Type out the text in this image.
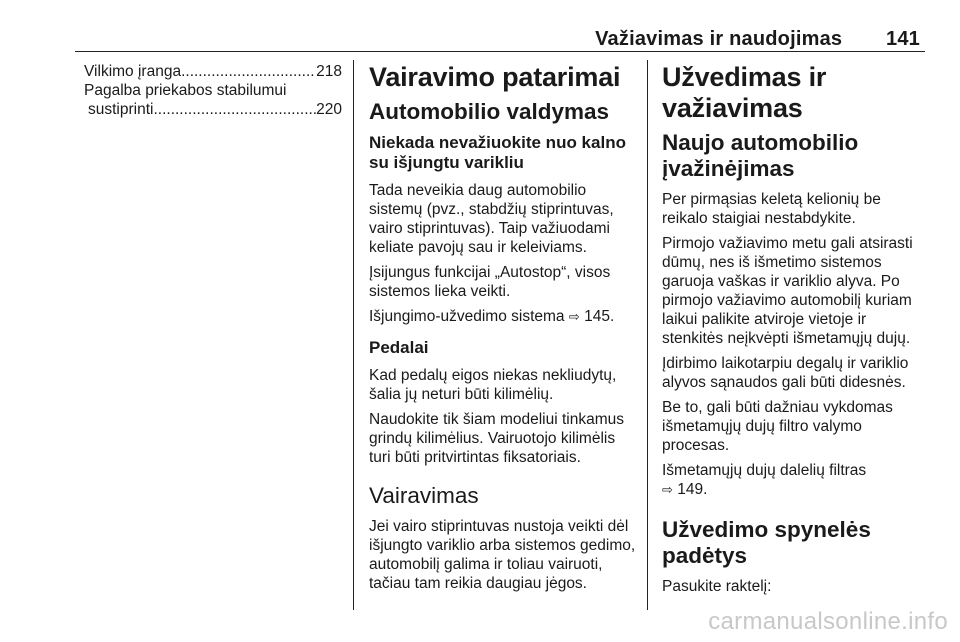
Važiavimas ir naudojimas 141
Vilkimo įranga .....	218
Pagalba priekabos stabilumui
sustiprinti .....	220
Vairavimo patarimai
Automobilio valdymas
Niekada nevažiuokite nuo kalno su išjungtu varikliu

Tada neveikia daug automobilio sistemų (pvz., stabdžių stiprintuvas, vairo stiprintuvas). Taip važiuodami keliate pavojų sau ir keleiviams.

Įsijungus funkcijai „Autostop“, visos sistemos lieka veikti.

Išjungimo-užvedimo sistema ⇨ 145.

Pedalai

Kad pedalų eigos niekas nekliudytų, šalia jų neturi būti kilimėlių.

Naudokite tik šiam modeliui tinkamus grindų kilimėlius. Vairuotojo kilimėlis turi būti pritvirtintas fiksatoriais.

Vairavimas

Jei vairo stiprintuvas nustoja veikti dėl išjungto variklio arba sistemos gedimo, automobilį galima ir toliau vairuoti, tačiau tam reikia daugiau jėgos.

Užvedimas ir važiavimas
Naujo automobilio įvažinėjimas

Per pirmąsias keletą kelionių be reikalo staigiai nestabdykite.

Pirmojo važiavimo metu gali atsirasti dūmų, nes iš išmetimo sistemos garuoja vaškas ir variklio alyva. Po pirmojo važiavimo automobilį kuriam laikui palikite atviroje vietoje ir stenkitės neįkvėpti išmetamųjų dujų.

Įdirbimo laikotarpiu degalų ir variklio alyvos sąnaudos gali būti didesnės.

Be to, gali būti dažniau vykdomas išmetamųjų dujų filtro valymo procesas.

Išmetamųjų dujų dalelių filtras
⇨ 149.

Užvedimo spynelės padėtys

Pasukite raktelį:

carmanualsonline.info
